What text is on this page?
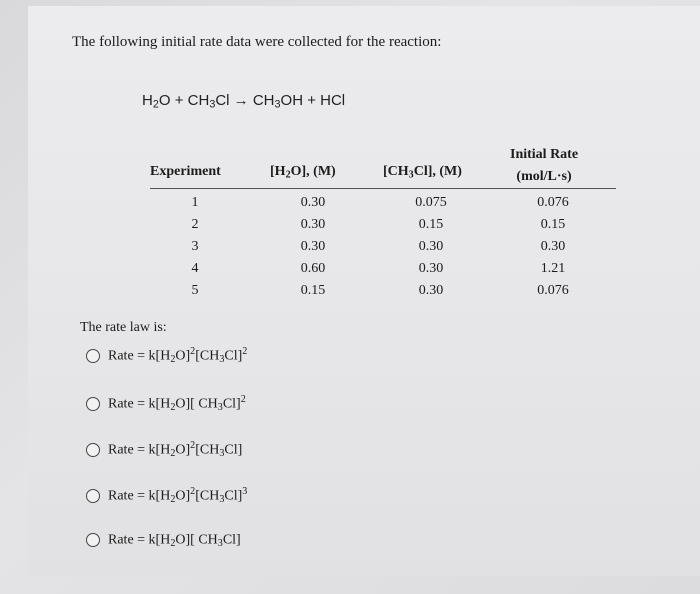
The following initial rate data were collected for the reaction:
$H_2O + CH_3Cl \to CH_3OH$ + HCl
Experiment	$[H_2O]$, (M)	$[CH_3Cl]$, (M)
Initial Rate
(mol/L·s)
1
2
3
4
5
0.30
0.30
0.30
0.60
0.15
0.075
0.15
0.30
0.30
0.30
0.076
0.15
0.30
1.21
0.076
The rate law is:
Rate = $k[H_2O]^2[CH_3Cl]^2$
Rate = $k[H_2O]$[ $CH_3Cl]^2$
Rate = $k[H_2O]^2[CH_3Cl]$
Rate = $k[H_2O]^2[CH_3Cl]^3$
Rate = $k[H_2O]$[ $CH_3Cl$]
